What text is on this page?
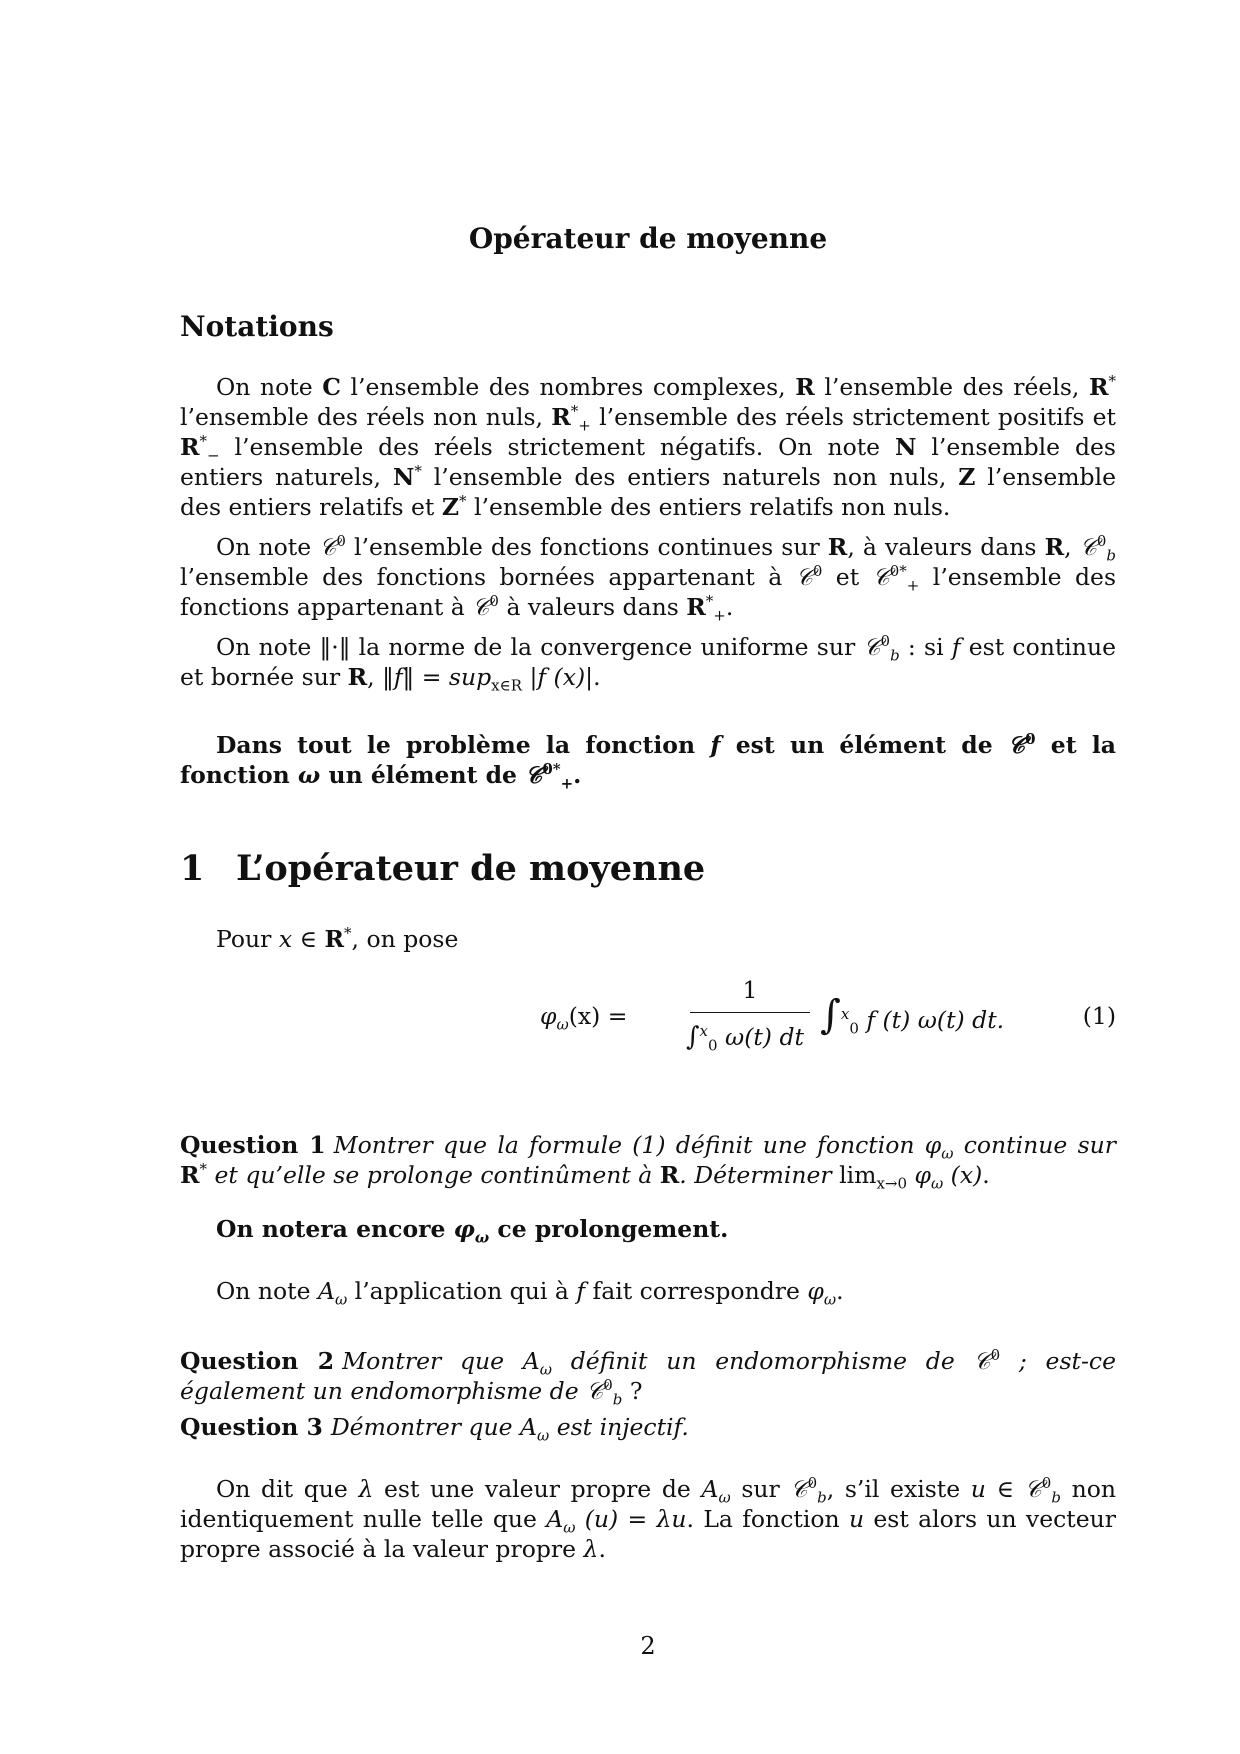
Opérateur de moyenne
Notations

On note C l’ensemble des nombres complexes, R l’ensemble des réels, R* l’ensemble des réels non nuls, $R^*_+$ l’ensemble des réels strictement positifs et $R^*_-$ l’ensemble des réels strictement négatifs. On note N l’ensemble des entiers naturels, N* l’ensemble des entiers naturels non nuls, Z l’ensemble des entiers relatifs et Z* l’ensemble des entiers relatifs non nuls.

On note 𝒞$^0$ l’ensemble des fonctions continues sur R, à valeurs dans R, 𝒞$^0_b$ l’ensemble des fonctions bornées appartenant à 𝒞$^0$ et 𝒞$^{0*}_+$ l’ensemble des fonctions appartenant à 𝒞$^0$ à valeurs dans $R^*_+$.

On note ‖·‖ la norme de la convergence uniforme sur 𝒞$^0_b$ : si f est continue et bornée sur R, ‖f‖ = sup$_{x\in R}$ |f (x)|.

Dans tout le problème la fonction f est un élément de 𝒞$^0$ et la fonction ω un élément de 𝒞$^{0*}_+$.

1 L’opérateur de moyenne

Pour x ∈ R*, on pose

$\varphi_\omega(x)$ =
1
∫$^x_0$ ω(t) dt ∫$^x_0$ f (t) ω(t) dt.	(1)
Question 1 Montrer que la formule (1) définit une fonction $\varphi_\omega$ continue sur R* et qu’elle se prolonge continûment à R. Déterminer $\lim_{x\to 0} \varphi_\omega$ (x).

On notera encore $\varphi_\omega$ ce prolongement.

On note $A_\omega$ l’application qui à f fait correspondre $\varphi_\omega$.

Question 2 Montrer que $A_\omega$ définit un endomorphisme de 𝒞$^0$ ; est-ce également un endomorphisme de 𝒞$^0_b$ ?
Question 3 Démontrer que $A_\omega$ est injectif.

On dit que λ est une valeur propre de $A_\omega$ sur 𝒞$^0_b$, s’il existe u ∈ 𝒞$^0_b$ non identiquement nulle telle que $A_\omega$ (u) = λu. La fonction u est alors un vecteur propre associé à la valeur propre λ.

2
